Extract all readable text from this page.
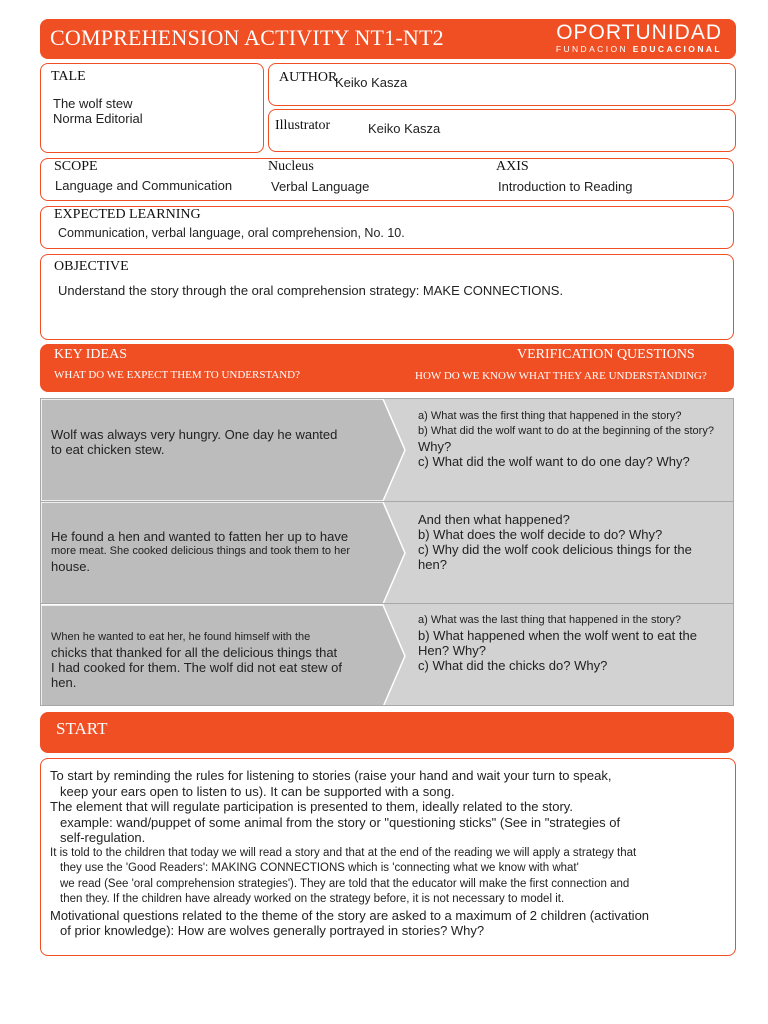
COMPREHENSION ACTIVITY NT1-NT2	OPORTUNIDAD
FUNDACION EDUCACIONAL
TALE
The wolf stew
Norma Editorial
AUTHOR
Keiko Kasza
Illustrator	Keiko Kasza
SCOPE
Language and Communication
Nucleus
Verbal Language
AXIS
Introduction to Reading
EXPECTED LEARNING
Communication, verbal language, oral comprehension, No. 10.
OBJECTIVE
Understand the story through the oral comprehension strategy: MAKE CONNECTIONS.
KEY IDEAS
WHAT DO WE EXPECT THEM TO UNDERSTAND?
VERIFICATION QUESTIONS
HOW DO WE KNOW WHAT THEY ARE UNDERSTANDING?
Wolf was always very hungry. One day he wanted
to eat chicken stew.
a) What was the first thing that happened in the story?
b) What did the wolf want to do at the beginning of the story?
Why?
c) What did the wolf want to do one day? Why?
He found a hen and wanted to fatten her up to have
more meat. She cooked delicious things and took them to her
house.
And then what happened?
b) What does the wolf decide to do? Why?
c) Why did the wolf cook delicious things for the
hen?
When he wanted to eat her, he found himself with the
chicks that thanked for all the delicious things that
I had cooked for them. The wolf did not eat stew of
hen.
a) What was the last thing that happened in the story?
b) What happened when the wolf went to eat the
Hen? Why?
c) What did the chicks do? Why?
START

To start by reminding the rules for listening to stories (raise your hand and wait your turn to speak,

keep your ears open to listen to us). It can be supported with a song.

The element that will regulate participation is presented to them, ideally related to the story.

example: wand/puppet of some animal from the story or "questioning sticks" (See in "strategies of

self-regulation.

It is told to the children that today we will read a story and that at the end of the reading we will apply a strategy that

they use the 'Good Readers': MAKING CONNECTIONS which is 'connecting what we know with what'

we read (See 'oral comprehension strategies'). They are told that the educator will make the first connection and

then they. If the children have already worked on the strategy before, it is not necessary to model it.

Motivational questions related to the theme of the story are asked to a maximum of 2 children (activation

of prior knowledge): How are wolves generally portrayed in stories? Why?
